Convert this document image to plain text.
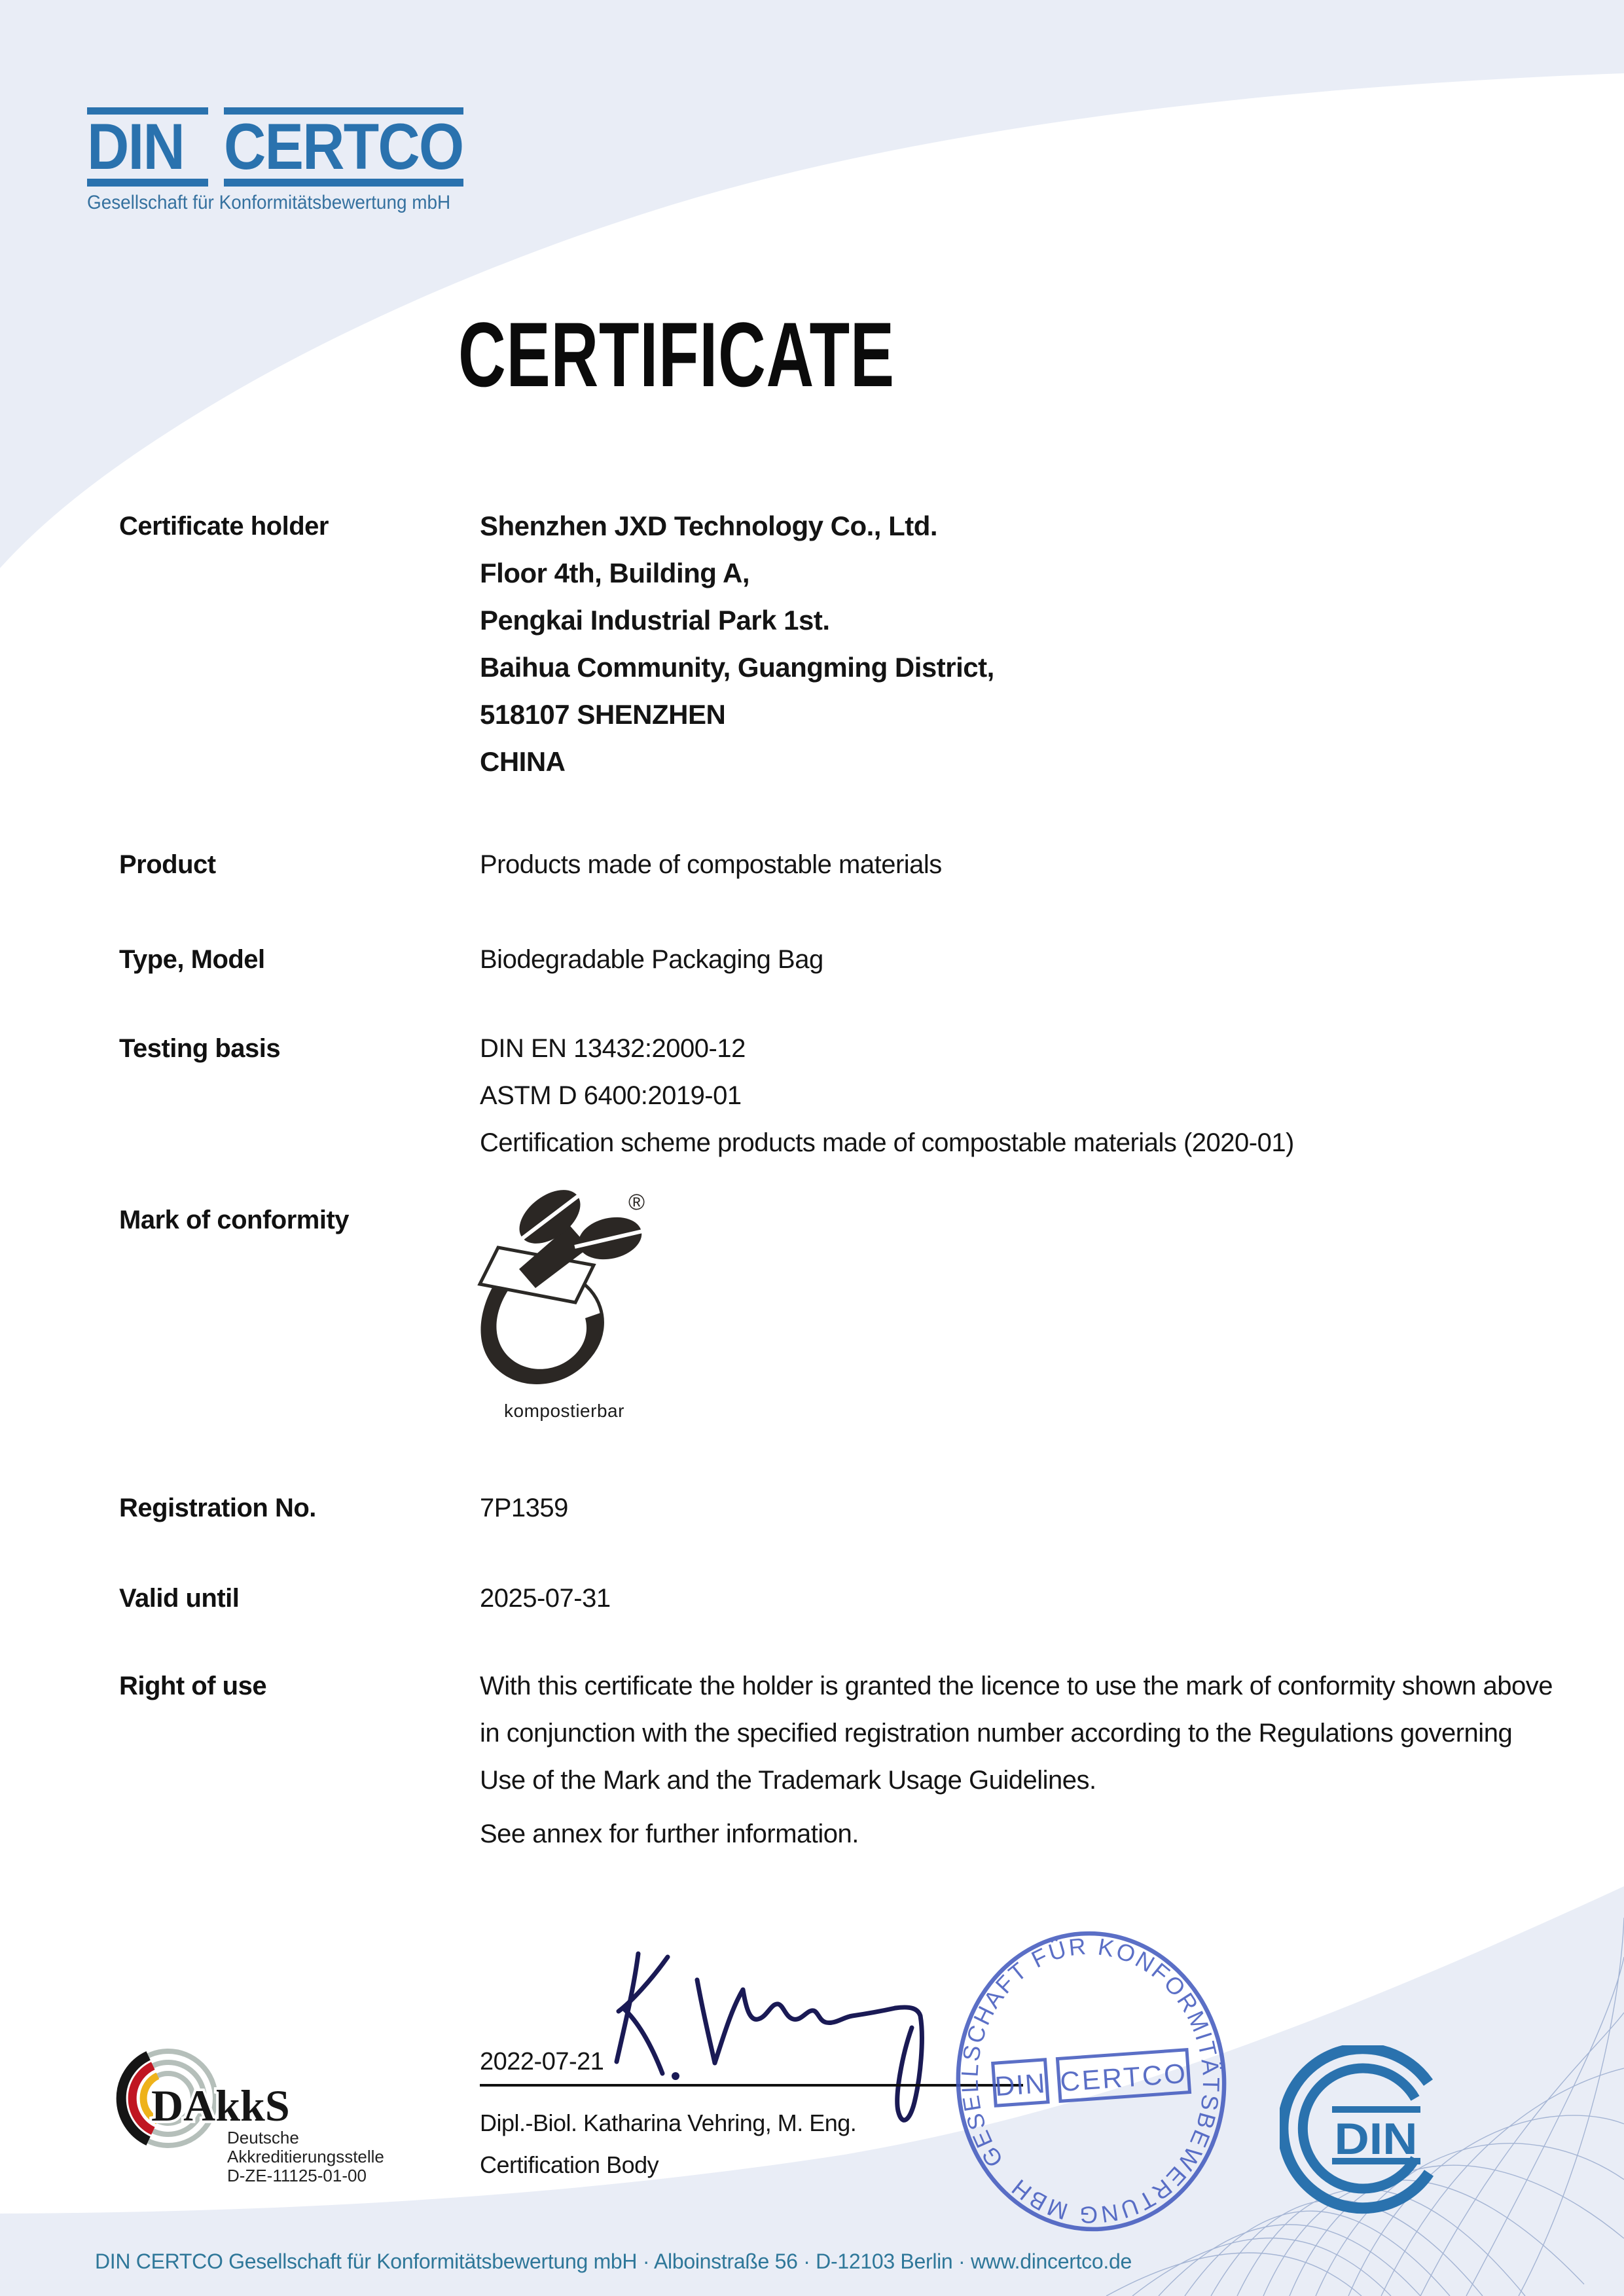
DIN CERTCO
Gesellschaft für Konformitätsbewertung mbH
CERTIFICATE
Certificate holder	Shenzhen JXD Technology Co., Ltd.
Floor 4th, Building A,
Pengkai Industrial Park 1st.
Baihua Community, Guangming District,
518107 SHENZHEN
CHINA
Product	Products made of compostable materials
Type, Model	Biodegradable Packaging Bag
Testing basis	DIN EN 13432:2000-12
ASTM D 6400:2019-01
Certification scheme products made of compostable materials (2020-01)
Mark of conformity
®
kompostierbar
Registration No.	7P1359
Valid until	2025-07-31
Right of use	With this certificate the holder is granted the licence to use the mark of conformity shown above in conjunction with the specified registration number according to the Regulations governing Use of the Mark and the Trademark Usage Guidelines.
See annex for further information.
2022-07-21
Dipl.-Biol. Katharina Vehring, M. Eng.
Certification Body	GESELLSCHAFT FÜR KONFORMITÄTSBEWERTUNG MBH
DIN CERTCO
DAkkS
Deutsche
Akkreditierungsstelle
D-ZE-11125-01-00
DIN
DIN CERTCO Gesellschaft für Konformitätsbewertung mbH · Alboinstraße 56 · D-12103 Berlin · www.dincertco.de
